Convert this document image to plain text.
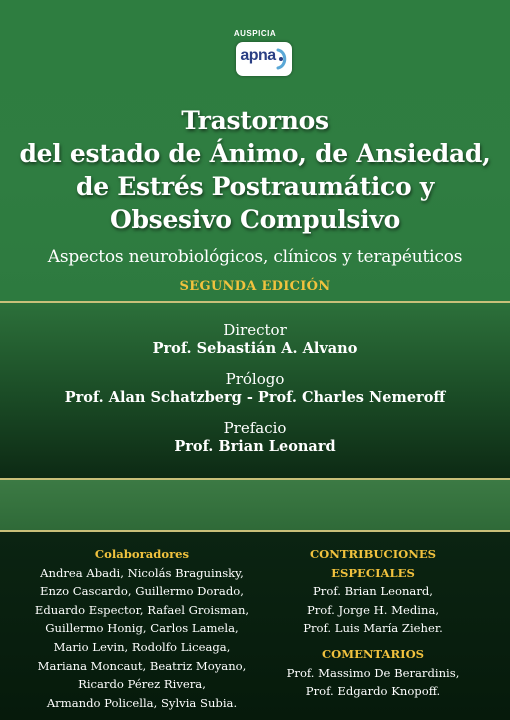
AUSPICIA
apna
Trastornos
del estado de Ánimo, de Ansiedad,
de Estrés Postraumático y
Obsesivo Compulsivo

Aspectos neurobiológicos, clínicos y terapéuticos

SEGUNDA EDICIÓN
Director
Prof. Sebastián A. Alvano
Prólogo
Prof. Alan Schatzberg - Prof. Charles Nemeroff
Prefacio
Prof. Brian Leonard
Colaboradores
Andrea Abadi, Nicolás Braguinsky,
Enzo Cascardo, Guillermo Dorado,
Eduardo Espector, Rafael Groisman,
Guillermo Honig, Carlos Lamela,
Mario Levin, Rodolfo Liceaga,
Mariana Moncaut, Beatriz Moyano,
Ricardo Pérez Rivera,
Armando Policella, Sylvia Subia.
CONTRIBUCIONES ESPECIALES
Prof. Brian Leonard,
Prof. Jorge H. Medina,
Prof. Luis María Zieher.
COMENTARIOS
Prof. Massimo De Berardinis,
Prof. Edgardo Knopoff.
